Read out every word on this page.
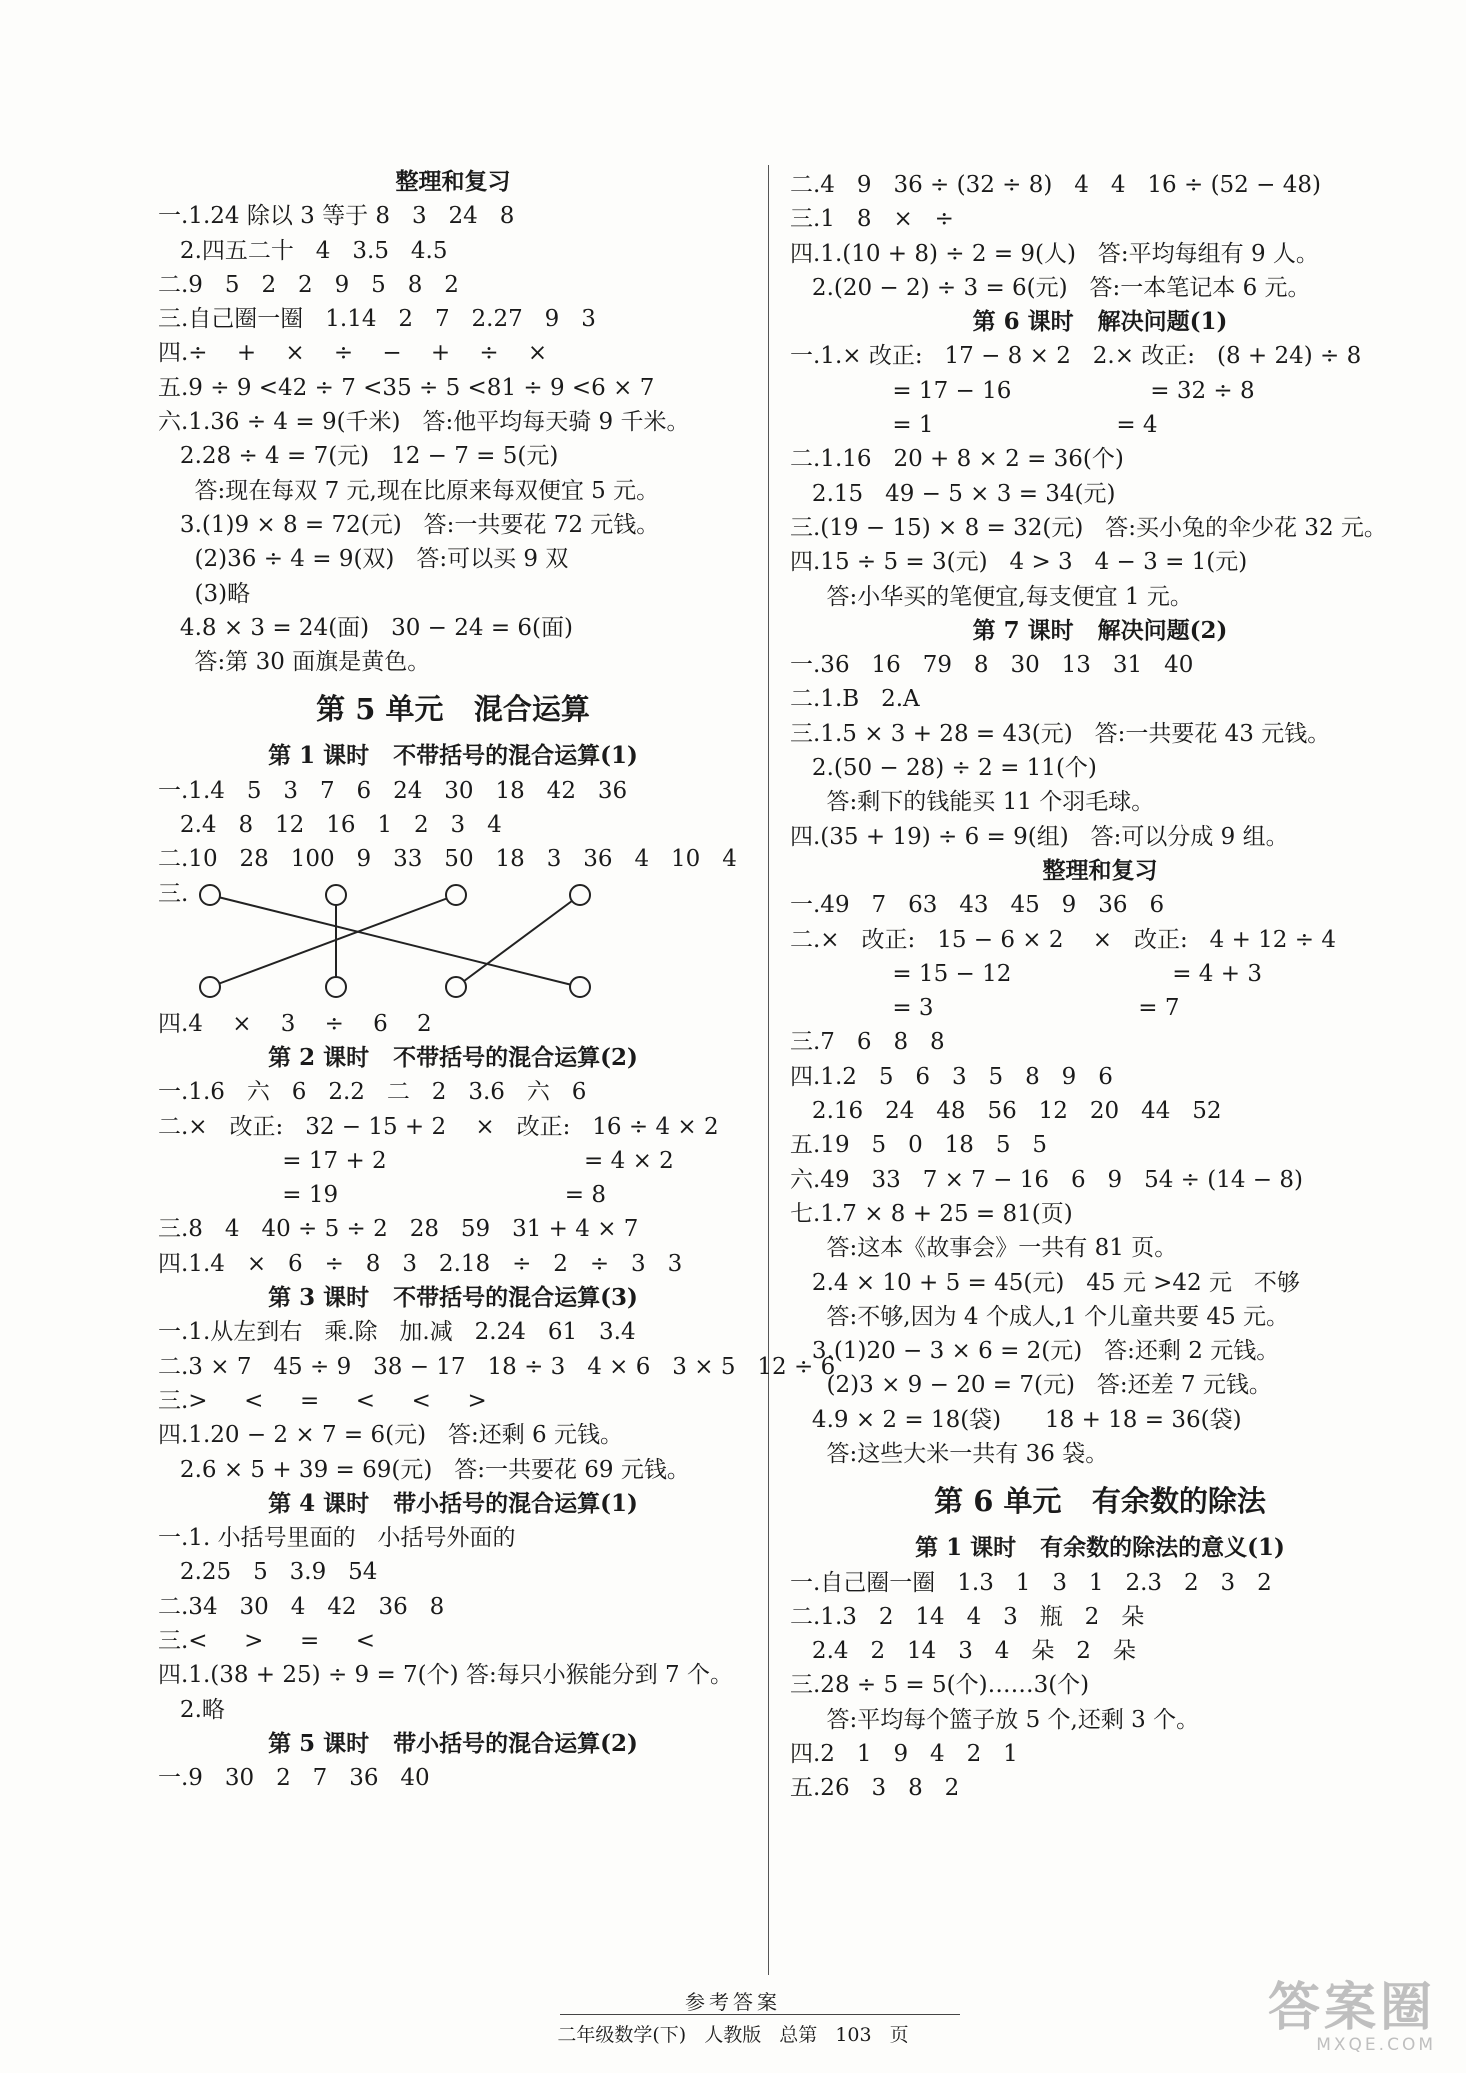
整理和复习
一.1.24 除以 3 等于 8   3   24   8
2.四五二十   4   3.5   4.5
二.9   5   2   2   9   5   8   2
三.自己圈一圈   1.14   2   7   2.27   9   3
四.÷    +    ×    ÷    −    +    ÷    ×
五.9 ÷ 9 <42 ÷ 7 <35 ÷ 5 <81 ÷ 9 <6 × 7
六.1.36 ÷ 4 = 9(千米)   答:他平均每天骑 9 千米。
2.28 ÷ 4 = 7(元)   12 − 7 = 5(元)
答:现在每双 7 元,现在比原来每双便宜 5 元。
3.(1)9 × 8 = 72(元)   答:一共要花 72 元钱。
(2)36 ÷ 4 = 9(双)   答:可以买 9 双
(3)略
4.8 × 3 = 24(面)   30 − 24 = 6(面)
答:第 30 面旗是黄色。
第 5 单元   混合运算
第 1 课时   不带括号的混合运算(1)
一.1.4   5   3   7   6   24   30   18   42   36
2.4   8   12   16   1   2   3   4
二.10   28   100   9   33   50   18   3   36   4   10   4
三.
四.4    ×    3    ÷    6    2
第 2 课时   不带括号的混合运算(2)
一.1.6   六   6   2.2   二   2   3.6   六   6
二.×   改正:   32 − 15 + 2    ×   改正:   16 ÷ 4 × 2
= 17 + 2                           = 4 × 2
= 19                               = 8
三.8   4   40 ÷ 5 ÷ 2   28   59   31 + 4 × 7
四.1.4   ×   6   ÷   8   3   2.18   ÷   2   ÷   3   3
第 3 课时   不带括号的混合运算(3)
一.1.从左到右   乘.除   加.减   2.24   61   3.4
二.3 × 7   45 ÷ 9   38 − 17   18 ÷ 3   4 × 6   3 × 5   12 ÷ 6
三.>     <     =     <     <     >
四.1.20 − 2 × 7 = 6(元)   答:还剩 6 元钱。
2.6 × 5 + 39 = 69(元)   答:一共要花 69 元钱。
第 4 课时   带小括号的混合运算(1)
一.1. 小括号里面的   小括号外面的
2.25   5   3.9   54
二.34   30   4   42   36   8
三.<     >     =     <
四.1.(38 + 25) ÷ 9 = 7(个) 答:每只小猴能分到 7 个。
2.略
第 5 课时   带小括号的混合运算(2)
一.9   30   2   7   36   40
二.4   9   36 ÷ (32 ÷ 8)   4   4   16 ÷ (52 − 48)
三.1   8   ×   ÷
四.1.(10 + 8) ÷ 2 = 9(人)   答:平均每组有 9 人。
2.(20 − 2) ÷ 3 = 6(元)   答:一本笔记本 6 元。
第 6 课时   解决问题(1)
一.1.× 改正:   17 − 8 × 2   2.× 改正:   (8 + 24) ÷ 8
= 17 − 16                   = 32 ÷ 8
= 1                         = 4
二.1.16   20 + 8 × 2 = 36(个)
2.15   49 − 5 × 3 = 34(元)
三.(19 − 15) × 8 = 32(元)   答:买小兔的伞少花 32 元。
四.15 ÷ 5 = 3(元)   4 > 3   4 − 3 = 1(元)
答:小华买的笔便宜,每支便宜 1 元。
第 7 课时   解决问题(2)
一.36   16   79   8   30   13   31   40
二.1.B   2.A
三.1.5 × 3 + 28 = 43(元)   答:一共要花 43 元钱。
2.(50 − 28) ÷ 2 = 11(个)
答:剩下的钱能买 11 个羽毛球。
四.(35 + 19) ÷ 6 = 9(组)   答:可以分成 9 组。
整理和复习
一.49   7   63   43   45   9   36   6
二.×   改正:   15 − 6 × 2    ×   改正:   4 + 12 ÷ 4
= 15 − 12                      = 4 + 3
= 3                            = 7
三.7   6   8   8
四.1.2   5   6   3   5   8   9   6
2.16   24   48   56   12   20   44   52
五.19   5   0   18   5   5
六.49   33   7 × 7 − 16   6   9   54 ÷ (14 − 8)
七.1.7 × 8 + 25 = 81(页)
答:这本《故事会》一共有 81 页。
2.4 × 10 + 5 = 45(元)   45 元 >42 元   不够
答:不够,因为 4 个成人,1 个儿童共要 45 元。
3.(1)20 − 3 × 6 = 2(元)   答:还剩 2 元钱。
(2)3 × 9 − 20 = 7(元)   答:还差 7 元钱。
4.9 × 2 = 18(袋)      18 + 18 = 36(袋)
答:这些大米一共有 36 袋。
第 6 单元   有余数的除法
第 1 课时   有余数的除法的意义(1)
一.自己圈一圈   1.3   1   3   1   2.3   2   3   2
二.1.3   2   14   4   3   瓶   2   朵
2.4   2   14   3   4   朵   2   朵
三.28 ÷ 5 = 5(个)……3(个)
答:平均每个篮子放 5 个,还剩 3 个。
四.2   1   9   4   2   1
五.26   3   8   2
参考答案
二年级数学(下) 人教版 总第 103 页	答案圈
MXQE.COM
